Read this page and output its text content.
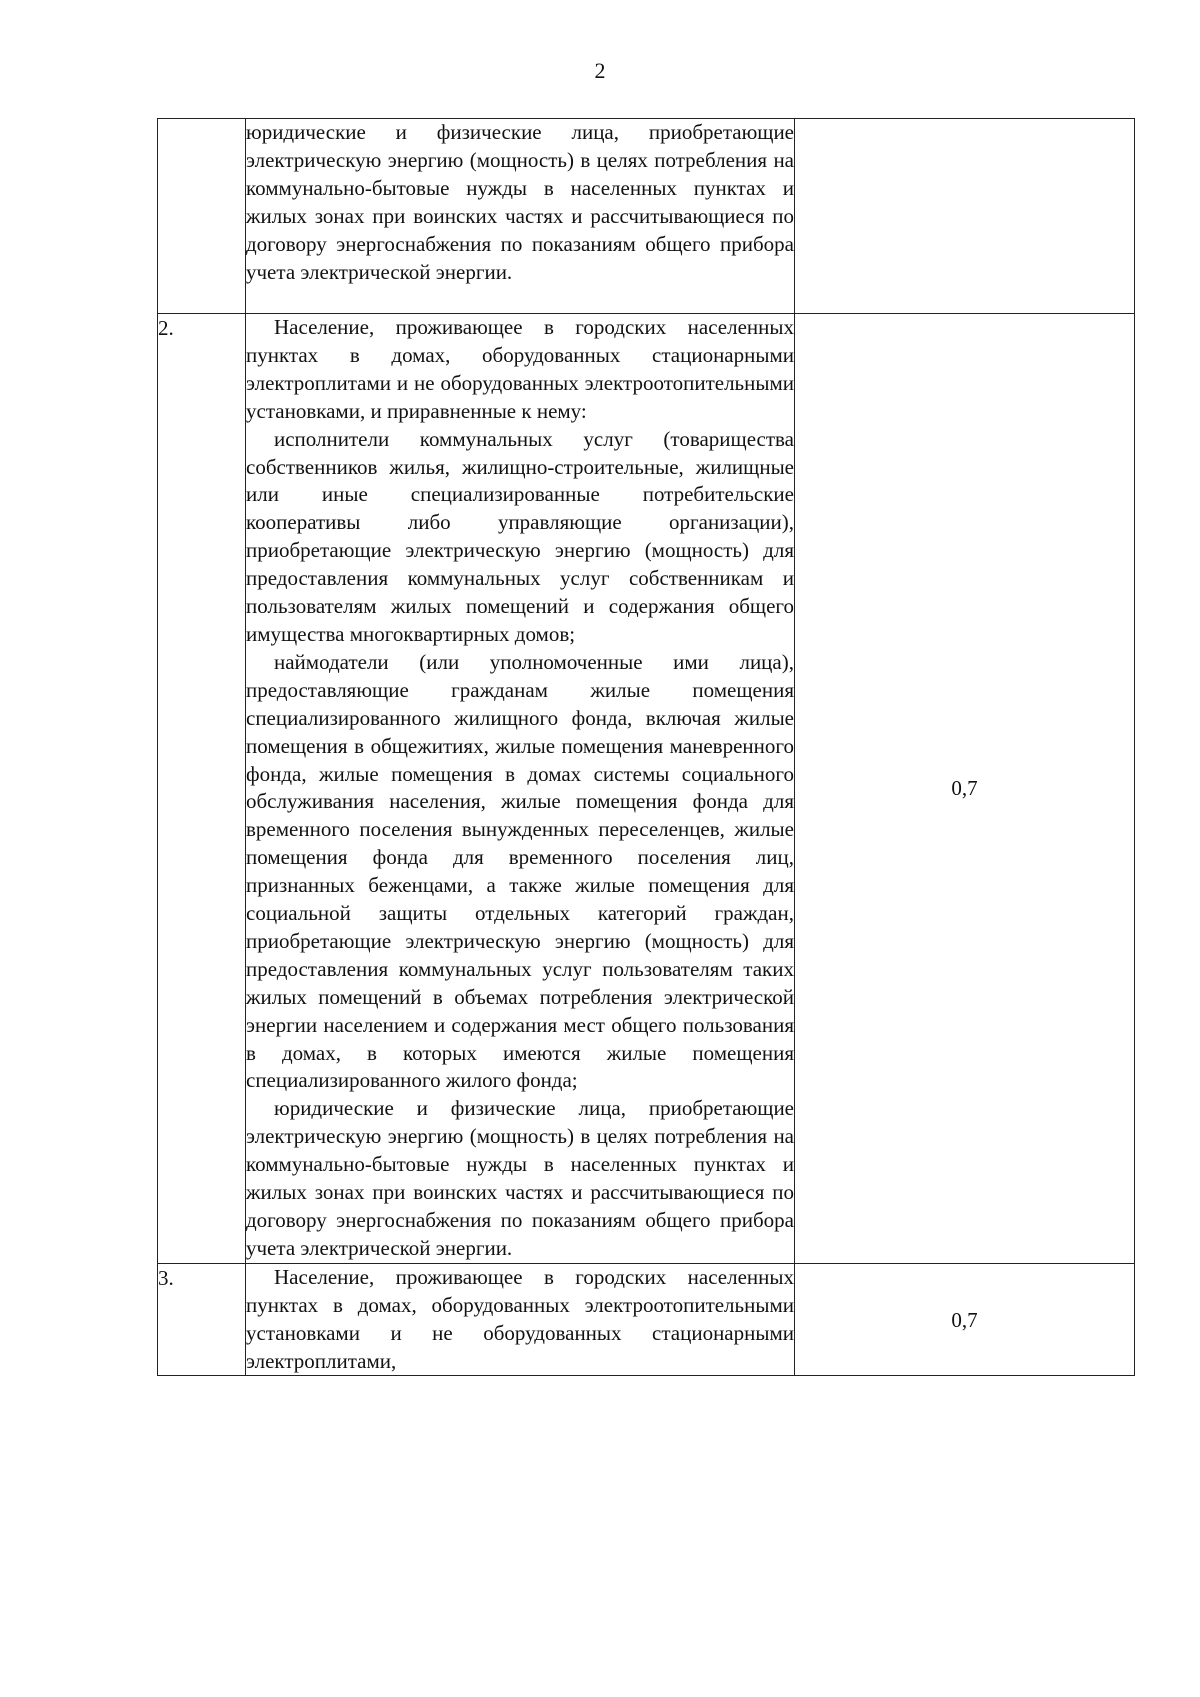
2

	юридические и физические лица, приобретающие электрическую энергию (мощность) в целях потребления на коммунально-бытовые нужды в населенных пунктах и жилых зонах при воинских частях и рассчитывающиеся по договору энергоснабжения по показаниям общего прибора учета электрической энергии.	

2.	Население, проживающее в городских населенных пунктах в домах, оборудованных стационарными электроплитами и не оборудованных электроотопительными установками, и приравненные к нему:

исполнители коммунальных услуг (товарищества собственников жилья, жилищно-строительные, жилищные или иные специализированные потребительские кооперативы либо управляющие организации), приобретающие электрическую энергию (мощность) для предоставления коммунальных услуг собственникам и пользователям жилых помещений и содержания общего имущества многоквартирных домов;

наймодатели (или уполномоченные ими лица), предоставляющие гражданам жилые помещения специализированного жилищного фонда, включая жилые помещения в общежитиях, жилые помещения маневренного фонда, жилые помещения в домах системы социального обслуживания населения, жилые помещения фонда для временного поселения вынужденных переселенцев, жилые помещения фонда для временного поселения лиц, признанных беженцами, а также жилые помещения для социальной защиты отдельных категорий граждан, приобретающие электрическую энергию (мощность) для предоставления коммунальных услуг пользователям таких жилых помещений в объемах потребления электрической энергии населением и содержания мест общего пользования в домах, в которых имеются жилые помещения специализированного жилого фонда;

юридические и физические лица, приобретающие электрическую энергию (мощность) в целях потребления на коммунально-бытовые нужды в населенных пунктах и жилых зонах при воинских частях и рассчитывающиеся по договору энергоснабжения по показаниям общего прибора учета электрической энергии.	0,7
3.	Население, проживающее в городских населенных пунктах в домах, оборудованных электроотопительными установками и не оборудованных стационарными электроплитами,	0,7
